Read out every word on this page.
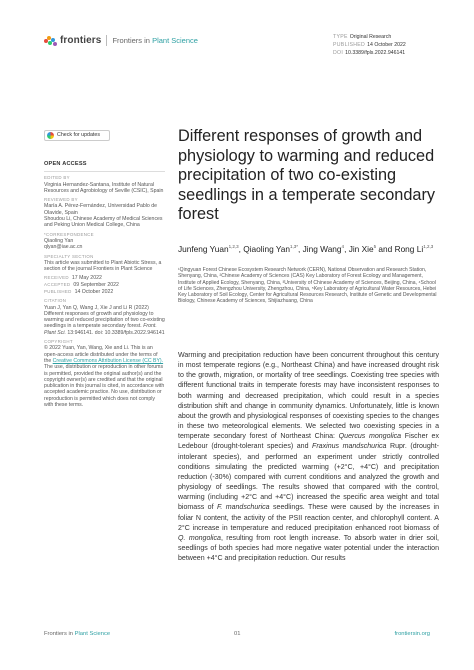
frontiers Frontiers in Plant Science	TYPE Original Research
PUBLISHED 14 October 2022
DOI 10.3389/fpls.2022.946141
Check for updates
OPEN ACCESS
EDITED BY
Virginia Hernandez-Santana, Institute of Natural Resources and Agrobiology of Seville (CSIC), Spain
REVIEWED BY
María A. Pérez-Fernández, Universidad Pablo de Olavide, Spain
Shoudou Li, Chinese Academy of Medical Sciences and Peking Union Medical College, China
*CORRESPONDENCE
Qiaoling Yan
qlyan@iae.ac.cn
SPECIALTY SECTION
This article was submitted to Plant Abiotic Stress, a section of the journal Frontiers in Plant Science
RECEIVED 17 May 2022
ACCEPTED 09 September 2022
PUBLISHED 14 October 2022
CITATION
Yuan J, Yan Q, Wang J, Xie J and Li R (2022) Different responses of growth and physiology to warming and reduced precipitation of two co-existing seedlings in a temperate secondary forest. Front. Plant Sci. 13:946141. doi: 10.3389/fpls.2022.946141
COPYRIGHT
© 2022 Yuan, Yan, Wang, Xie and Li. This is an open-access article distributed under the terms of the Creative Commons Attribution License (CC BY). The use, distribution or reproduction in other forums is permitted, provided the original author(s) and the copyright owner(s) are credited and that the original publication in this journal is cited, in accordance with accepted academic practice. No use, distribution or reproduction is permitted which does not comply with these terms.
Different responses of growth and physiology to warming and reduced precipitation of two co-existing seedlings in a temperate secondary forest
Junfeng Yuan$^{1,2,3}$, Qiaoling Yan$^{1,3*}$, Jing Wang$^4$, Jin Xie$^5$ and Rong Li$^{1,2,3}$
¹Qingyuan Forest Chinese Ecosystem Research Network (CERN), National Observation and Research Station, Shenyang, China, ²Chinese Academy of Sciences (CAS) Key Laboratory of Forest Ecology and Management, Institute of Applied Ecology, Shenyang, China, ³University of Chinese Academy of Sciences, Beijing, China, ⁴School of Life Sciences, Zhengzhou University, Zhengzhou, China, ⁵Key Laboratory of Agricultural Water Resources, Hebei Key Laboratory of Soil Ecology, Center for Agricultural Resources Research, Institute of Genetic and Developmental Biology, Chinese Academy of Sciences, Shijiazhuang, China
Warming and precipitation reduction have been concurrent throughout this century in most temperate regions (e.g., Northeast China) and have increased drought risk to the growth, migration, or mortality of tree seedlings. Coexisting tree species with different functional traits in temperate forests may have inconsistent responses to both warming and decreased precipitation, which could result in a species distribution shift and change in community dynamics. Unfortunately, little is known about the growth and physiological responses of coexisting species to the changes in these two meteorological elements. We selected two coexisting species in a temperate secondary forest of Northeast China: Quercus mongolica Fischer ex Ledebour (drought-tolerant species) and Fraxinus mandschurica Rupr. (drought-intolerant species), and performed an experiment under strictly controlled conditions simulating the predicted warming (+2°C, +4°C) and precipitation reduction (-30%) compared with current conditions and analyzed the growth and physiology of seedlings. The results showed that compared with the control, warming (including +2°C and +4°C) increased the specific area weight and total biomass of F. mandschurica seedlings. These were caused by the increases in foliar N content, the activity of the PSII reaction center, and chlorophyll content. A 2°C increase in temperature and reduced precipitation enhanced root biomass of Q. mongolica, resulting from root length increase. To absorb water in drier soil, seedlings of both species had more negative water potential under the interaction between +4°C and precipitation reduction. Our results
Frontiers in Plant Science	01	frontiersin.org
